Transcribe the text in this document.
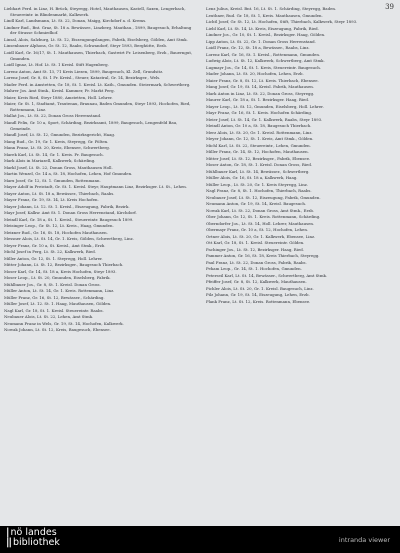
39
Liebhart Ferd. in Linz, H. Brück, Steyregg, Hotel, Mauthausen, Kastell, Saxen, Lengerbach, Steuereintr. in Blindenmarkt, Kalkwerk.
Lindl Karl, Landsmann, Lt. St. 22, Donan, Maigg, Kirchdorf a. d. Krems.
Lindner Rud., Bnt. Graz, St. 18 a. Bewässer., Linzberg. Mauthau., 1899, Baugesuch, Erhaltung der Strasse Schmiedhof.
Linsal, Alois, Salzburg, Lt. St. 12, Eiszeugungslangen, Fabrik, Eiselsberg, Gölden, Amt Stmk.
Linsenbauer Alphons, Gr. St. 12, Raabs, Schwandorf, Steyr 1893, Berghütte, Erzb.
Loidl Karl, Gr. 16/17, St. 1. Mauthausen, Thierbach, Gastwirt Fr. Leisenberg, Erzb., Bauerngut, Gmunden.
Loidl Ignaz, Lt. Hof. Lt. St. 1 Kreisl. Stift Hagenberg.
Lorenz Anton, Amt St. 13, 71 Kreis Liezen, 1899, Baugesuch, Kl. Zell, Grundsitz.
Lorenz Josef, Gr. 8, St. 1 Fr. Kreisl., Steuer, Katastral, Gr. 14, Bezirksger., Wels.
Mader Ferd. in Amstetten, Gr. 18, St. 1. Kreisl. Lt. Kath., Gmunden. Steiermark, Schwertberg.
Mahrer Jos. Amt Stmk., Kreisl. Kammer, Fr. Markt Perg.
Maier, Kreis Ried, Steyr 1880, Amstetten, Holl. Lehrer.
Maier, Gr. St. 1, Stadtamt, Trautenau, Braunau, Baden Gmunden, Steyr 1893, Hochofen, Ried, Rottenmann, Linz.
Mallat Jos., Lt. St. 22, Donan Gross Herrenstand.
Mandl Felix, Gr. 10 a, Sport, Schärding, Bezirksamt, 1899, Baugesuch, Lengenfeld Bau, Gemeinde.
Mandl Josef, Lt. St. 12, Gmunden, Bezirksgericht, Haag.
Mang Rud., Gr. 19, Gr. 1. Kreis, Steyregg, Gr. Pölten.
Mann Franz, Lt. St. 20, Kreis, Ebensee, Schwertberg.
Marek Karl, Lt. St. 14, Gr. 1. Kreis. Fr. Baugesuch.
Mark Alois in Mariazell, Kalkwerk, Schärding.
Markl Josef, Lt. St. 22, Donan Gross, Mauthausen Holl.
Martin Wenzel, Gr. 14 a, St. 18, Hochofen, Lehen, Hof Gmunden.
Marx Josef, Gr. 12, St. 1. Gmunden, Rottenmann.
Mayer Adolf in Freistadt, Gr. St. 1. Kreisl. Steyr, Hauptmann Linz, Bezirksger. Lt. St., Lehen.
Mayer Anton, Lt. St. 18 a, Bewässer., Thierbach, Raabs.
Mayer Franz, Gr. 19, St. 14, Lt. Kreis Hochofen.
Mayer Johann, Lt. 12. St. 1. Kreisl., Eiszeugung, Fabrik, Bezirk.
Mayr Josef, Kalkw. Amt St. 1. Donan Gross Herrenstand, Kirchdorf.
Meindl Karl, Gr. 18 a, St. 1. Kreisl., Steuereintr. Baugesuch 1899.
Meisinger Leop., Gr. St. 12, Lt. Kreis., Haag, Gmunden.
Meixner Rud., Gr. 16, St. 18, Hochofen Mauthausen.
Messner Alois, Lt. St. 14, Gr. 1. Kreis, Gölden, Schwertberg, Linz.
Meyer Franz, Gr. 10 a, St. Kreisl., Amt Stmk., Erzb.
Michl Josef in Perg, Lt. St. 22, Kalkwerk, Ried.
Miller Anton, Gr. 12, St. 1. Steyregg, Holl. Lehrer.
Mitter Johann, Lt. St. 12, Bezirksger., Baugesuch Thierbach.
Moser Karl, Gr. 14, St. 18 a, Kreis Hochofen, Steyr 1893.
Moser Leop., Lt. St. 20, Gmunden, Eiselsberg, Fabrik.
Mühlbauer Jos., Gr. 8, St. 1. Kreisl. Donan Gross.
Müller Anton, Lt. St. 14, Gr. 1. Kreis. Rottenmann, Linz.
Müller Franz, Gr. 16, St. 12, Bewässer., Schärding.
Müller Josef, Lt. 12. St. 1. Haag, Mauthausen, Gölden.
Nagl Karl, Gr. 18, St. 1. Kreisl. Steuereintr. Raabs.
Neubauer Alois, Lt. St. 22, Lehen, Amt Stmk.
Neumann Franz in Wels, Gr. 19, St. 14, Hochofen, Kalkwerk.
Nowak Johann, Lt. St. 12, Kreis, Baugesuch, Ebensee.
Lenz Julius, Kreisl. Bnt. 16, Lt. St. 1. Schärding, Steyregg, Baden.
Leuthner, Rud. Gr. 18, St. 1, Kreis. Mauthausen, Gmunden.
Lichtl Josef, Gr. St. 12, Lt. Hochofen, Stift, Thierbach, Kalkwerk, Steyr 1893.
Liebl Karl, Lt. St. 14, Lt. Kreis, Eiszeugung, Fabrik, Ried.
Lindner Jos., Gr. 10, St. 1. Kreisl., Bezirksger. Haag, Gölden.
Lipp Anton, Lt. St. 22, Gr. 1. Donan Gross Herrenstand.
Loidl Franz, Gr. 12, St. 18 a, Bewässer., Raabs, Linz.
Lorenz Karl, Gr. 16, St. 1. Kreisl., Rottenmann, Gmunden.
Ludwig Alois, Lt. St. 12, Kalkwerk, Schwertberg, Amt Stmk.
Lugmayr Jos., Gr. 14, St. 1. Kreis, Steuereintr. Baugesuch.
Mader Johann, Lt. St. 20, Hochofen, Lehen, Erzb.
Maier Franz, Gr. 8, St. 12, Lt. Kreis. Thierbach, Ebensee.
Mang Josef, Gr. 19, St. 14, Kreisl. Fabrik, Mauthausen.
Mark Anton in Linz, Lt. St. 22, Donan Gross, Steyregg.
Maurer Karl, Gr. 18 a, St. 1. Bezirksger. Haag, Ried.
Mayer Leop., Lt. St. 12, Gmunden, Eiselsberg, Holl. Lehrer.
Mayr Franz, Gr. 16, St. 1. Kreis. Hochofen Schärding.
Meier Josef, Lt. St. 14, Gr. 1. Kalkwerk, Raabs, Steyr 1893.
Meindl Anton, Gr. 10 a, St. 18, Baugesuch Thierbach.
Merz Alois, Lt. St. 20, Gr. 1. Kreisl. Rottenmann, Linz.
Meyer Johann, Gr. 12, St. 1. Kreis, Amt Stmk., Gölden.
Michl Karl, Lt. St. 22, Steuereintr., Lehen, Gmunden.
Miller Franz, Gr. 14, St. 12, Hochofen, Mauthausen.
Mitter Josef, Lt. St. 12, Bezirksger., Fabrik, Ebensee.
Moser Anton, Gr. 18, St. 1. Kreisl. Donan Gross, Ried.
Mühlbauer Karl, Lt. St. 14, Bewässer., Schwertberg.
Müller Alois, Gr. 16, St. 18 a, Kalkwerk, Haag.
Müller Leop., Lt. St. 20, Gr. 1. Kreis Steyregg, Linz.
Nagl Franz, Gr. 8, St. 1. Hochofen, Thierbach, Raabs.
Neubauer Josef, Lt. St. 12, Eiszeugung, Fabrik, Gmunden.
Neumann Anton, Gr. 19, St. 14, Kreisl. Baugesuch.
Nowak Karl, Lt. St. 22, Donan Gross, Amt Stmk., Erzb.
Ober Johann, Gr. 12, St. 1. Kreis. Rottenmann, Schärding.
Oberndorfer Jos., Lt. St. 14, Holl. Lehrer, Mauthausen.
Obermayr Franz, Gr. 10 a, St. 12, Hochofen, Lehen.
Ortner Alois, Lt. St. 20, Gr. 1. Kalkwerk, Ebensee, Linz.
Ott Karl, Gr. 18, St. 1. Kreisl. Steuereintr. Gölden.
Pachinger Jos., Lt. St. 12, Bezirksger. Haag, Ried.
Pammer Anton, Gr. 16, St. 18, Kreis Thierbach, Steyregg.
Paul Franz, Lt. St. 22, Donan Gross, Fabrik, Raabs.
Peham Leop., Gr. 14, St. 1. Hochofen, Gmunden.
Peterseil Karl, Lt. St. 14, Bewässer., Schwertberg, Amt Stmk.
Pfeiffer Josef, Gr. 8, St. 12, Kalkwerk, Mauthausen.
Pichler Alois, Lt. St. 20, Gr. 1. Kreisl. Baugesuch, Linz.
Pilz Johann, Gr. 19, St. 14, Eiszeugung, Lehen, Erzb.
Plank Franz, Lt. St. 12, Kreis. Rottenmann, Ebensee.
| nö landes
|| bibliothek	intranda viewer
